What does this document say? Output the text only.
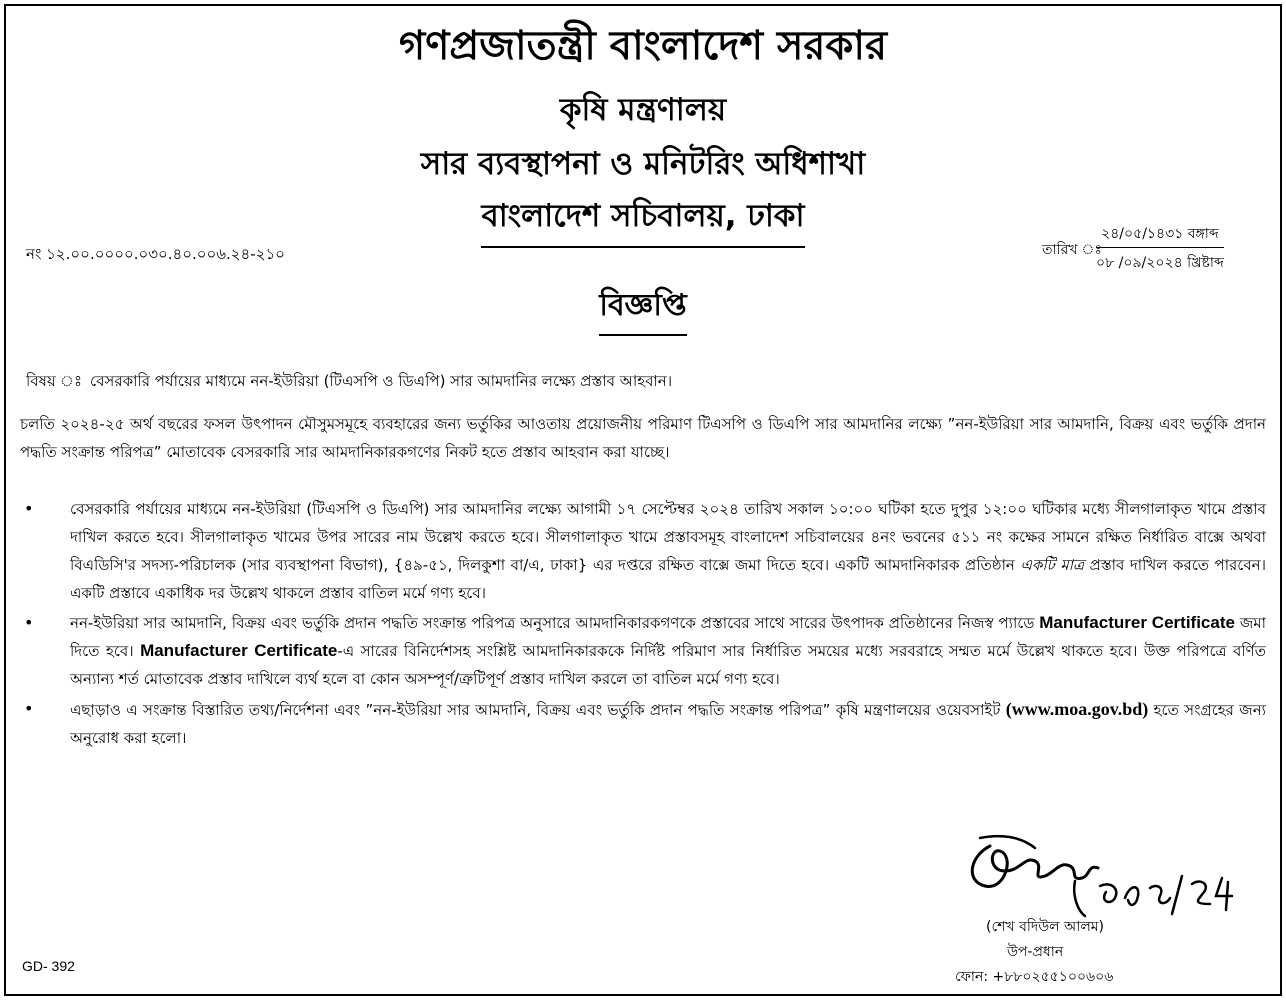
গণপ্রজাতন্ত্রী বাংলাদেশ সরকার
কৃষি মন্ত্রণালয়
সার ব্যবস্থাপনা ও মনিটরিং অধিশাখা
বাংলাদেশ সচিবালয়, ঢাকা
নং ১২.০০.০০০০.০৩০.৪০.০০৬.২৪-২১০	তারিখ ঃ
২৪/০৫/১৪৩১ বঙ্গাব্দ
০৮ /০৯/২০২৪ খ্রিষ্টাব্দ
বিজ্ঞপ্তি
বিষয় ঃ বেসরকারি পর্যায়ের মাধ্যমে নন-ইউরিয়া (টিএসপি ও ডিএপি) সার আমদানির লক্ষ্যে প্রস্তাব আহবান।
চলতি ২০২৪-২৫ অর্থ বছরের ফসল উৎপাদন মৌসুমসমূহে ব্যবহারের জন্য ভর্তুকির আওতায় প্রয়োজনীয় পরিমাণ টিএসপি ও ডিএপি সার আমদানির লক্ষ্যে ”নন-ইউরিয়া সার আমদানি, বিক্রয় এবং ভর্তুকি প্রদান পদ্ধতি সংক্রান্ত পরিপত্র” মোতাবেক বেসরকারি সার আমদানিকারকগণের নিকট হতে প্রস্তাব আহবান করা যাচ্ছে।
• বেসরকারি পর্যায়ের মাধ্যমে নন-ইউরিয়া (টিএসপি ও ডিএপি) সার আমদানির লক্ষ্যে আগামী ১৭ সেপ্টেম্বর ২০২৪ তারিখ সকাল ১০:০০ ঘটিকা হতে দুপুর ১২:০০ ঘটিকার মধ্যে সীলগালাকৃত খামে প্রস্তাব দাখিল করতে হবে। সীলগালাকৃত খামের উপর সারের নাম উল্লেখ করতে হবে। সীলগালাকৃত খামে প্রস্তাবসমূহ বাংলাদেশ সচিবালয়ের ৪নং ভবনের ৫১১ নং কক্ষের সামনে রক্ষিত নির্ধারিত বাক্সে অথবা বিএডিসি'র সদস্য-পরিচালক (সার ব্যবস্থাপনা বিভাগ), {৪৯-৫১, দিলকুশা বা/এ, ঢাকা} এর দপ্তরে রক্ষিত বাক্সে জমা দিতে হবে। একটি আমদানিকারক প্রতিষ্ঠান একটি মাত্র প্রস্তাব দাখিল করতে পারবেন। একটি প্রস্তাবে একাধিক দর উল্লেখ থাকলে প্রস্তাব বাতিল মর্মে গণ্য হবে।
• নন-ইউরিয়া সার আমদানি, বিক্রয় এবং ভর্তুকি প্রদান পদ্ধতি সংক্রান্ত পরিপত্র অনুসারে আমদানিকারকগণকে প্রস্তাবের সাথে সারের উৎপাদক প্রতিষ্ঠানের নিজস্ব প্যাডে Manufacturer Certificate জমা দিতে হবে। Manufacturer Certificate-এ সারের বিনির্দেশসহ সংশ্লিষ্ট আমদানিকারককে নির্দিষ্ট পরিমাণ সার নির্ধারিত সময়ের মধ্যে সরবরাহে সম্মত মর্মে উল্লেখ থাকতে হবে। উক্ত পরিপত্রে বর্ণিত অন্যান্য শর্ত মোতাবেক প্রস্তাব দাখিলে ব্যর্থ হলে বা কোন অসম্পূর্ণ/ত্রুটিপূর্ণ প্রস্তাব দাখিল করলে তা বাতিল মর্মে গণ্য হবে।
• এছাড়াও এ সংক্রান্ত বিস্তারিত তথ্য/নির্দেশনা এবং ”নন-ইউরিয়া সার আমদানি, বিক্রয় এবং ভর্তুকি প্রদান পদ্ধতি সংক্রান্ত পরিপত্র” কৃষি মন্ত্রণালয়ের ওয়েবসাইট (www.moa.gov.bd) হতে সংগ্রহের জন্য অনুরোধ করা হলো।
(শেখ বদিউল আলম)
উপ-প্রধান
ফোন: +৮৮০২৫৫১০০৬০৬
GD- 392
